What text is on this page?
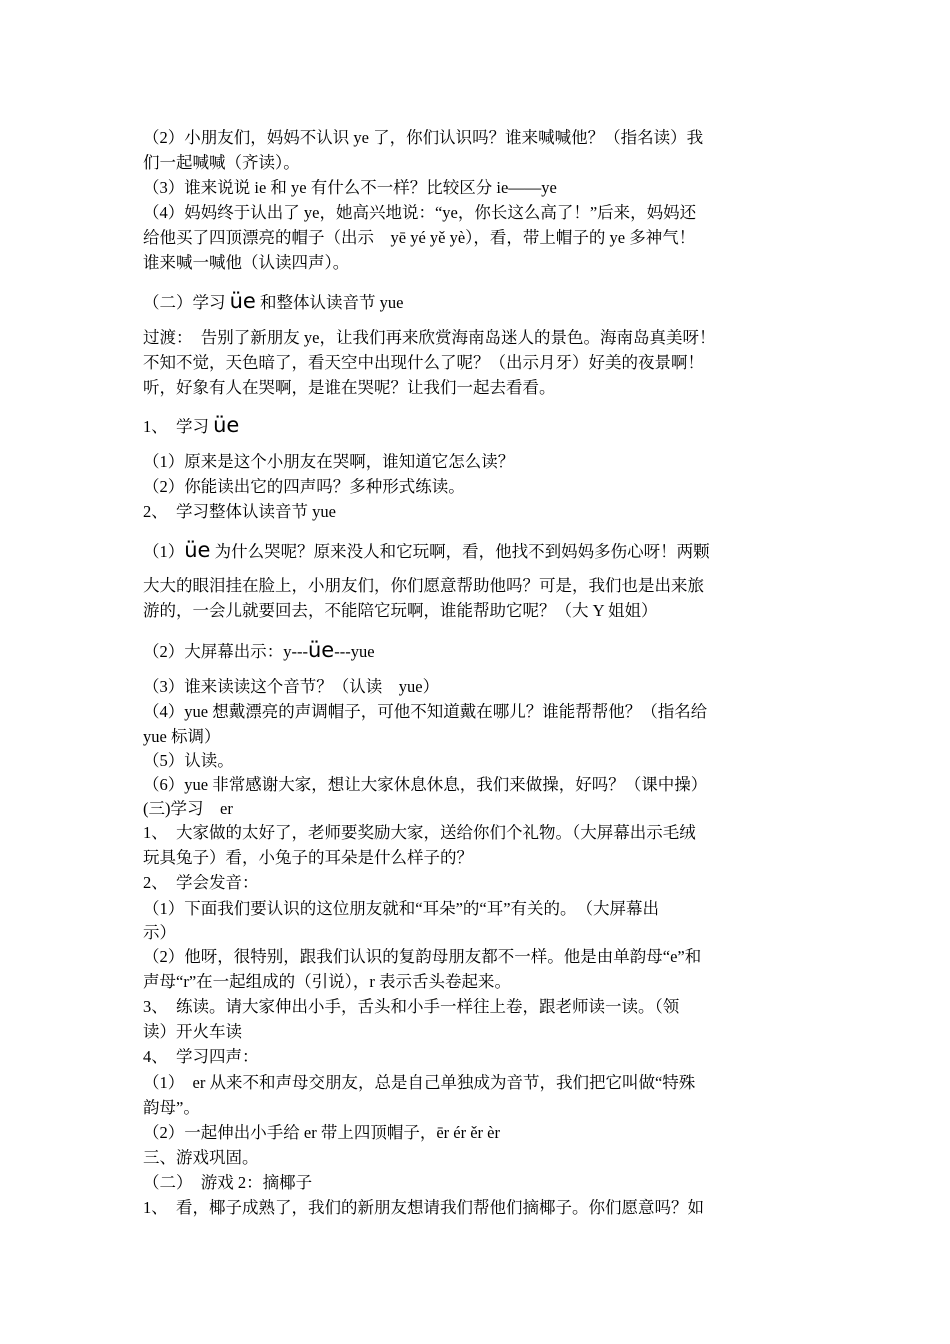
（2）小朋友们，妈妈不认识 ye 了，你们认识吗？谁来喊喊他？（指名读）我
们一起喊喊（齐读）。
（3）谁来说说 ie 和 ye 有什么不一样？比较区分 ie——ye
（4）妈妈终于认出了 ye，她高兴地说：“ye，你长这么高了！”后来，妈妈还
给他买了四顶漂亮的帽子（出示　yē yé yě yè），看，带上帽子的 ye 多神气！
谁来喊一喊他（认读四声）。
（二）学习 üe 和整体认读音节 yue
过渡：　告别了新朋友 ye，让我们再来欣赏海南岛迷人的景色。海南岛真美呀！
不知不觉，天色暗了，看天空中出现什么了呢？（出示月牙）好美的夜景啊！
听，好象有人在哭啊，是谁在哭呢？让我们一起去看看。
1、　学习 üe
（1）原来是这个小朋友在哭啊，谁知道它怎么读？
（2）你能读出它的四声吗？多种形式练读。
2、　学习整体认读音节 yue
（1）üe 为什么哭呢？原来没人和它玩啊，看，他找不到妈妈多伤心呀！两颗
大大的眼泪挂在脸上，小朋友们，你们愿意帮助他吗？可是，我们也是出来旅
游的，一会儿就要回去，不能陪它玩啊，谁能帮助它呢？（大 Y 姐姐）
（2）大屏幕出示：y---üe---yue
（3）谁来读读这个音节？（认读　yue）
（4）yue 想戴漂亮的声调帽子，可他不知道戴在哪儿？谁能帮帮他？（指名给
yue 标调）
（5）认读。
（6）yue 非常感谢大家，想让大家休息休息，我们来做操，好吗？（课中操）
(三)学习　er
1、　大家做的太好了，老师要奖励大家，送给你们个礼物。（大屏幕出示毛绒
玩具兔子）看，小兔子的耳朵是什么样子的？
2、　学会发音：
（1）下面我们要认识的这位朋友就和“耳朵”的“耳”有关的。　（大屏幕出
示）
（2）他呀，很特别，跟我们认识的复韵母朋友都不一样。他是由单韵母“e”和
声母“r”在一起组成的（引说），r 表示舌头卷起来。
3、　练读。请大家伸出小手，舌头和小手一样往上卷，跟老师读一读。（领
读）开火车读
4、　学习四声：
（1）　er 从来不和声母交朋友，总是自己单独成为音节，我们把它叫做“特殊
韵母”。
（2）一起伸出小手给 er 带上四顶帽子，ēr ér ěr èr
三、游戏巩固。
（二）　游戏 2：摘椰子
1、　看，椰子成熟了，我们的新朋友想请我们帮他们摘椰子。你们愿意吗？如
